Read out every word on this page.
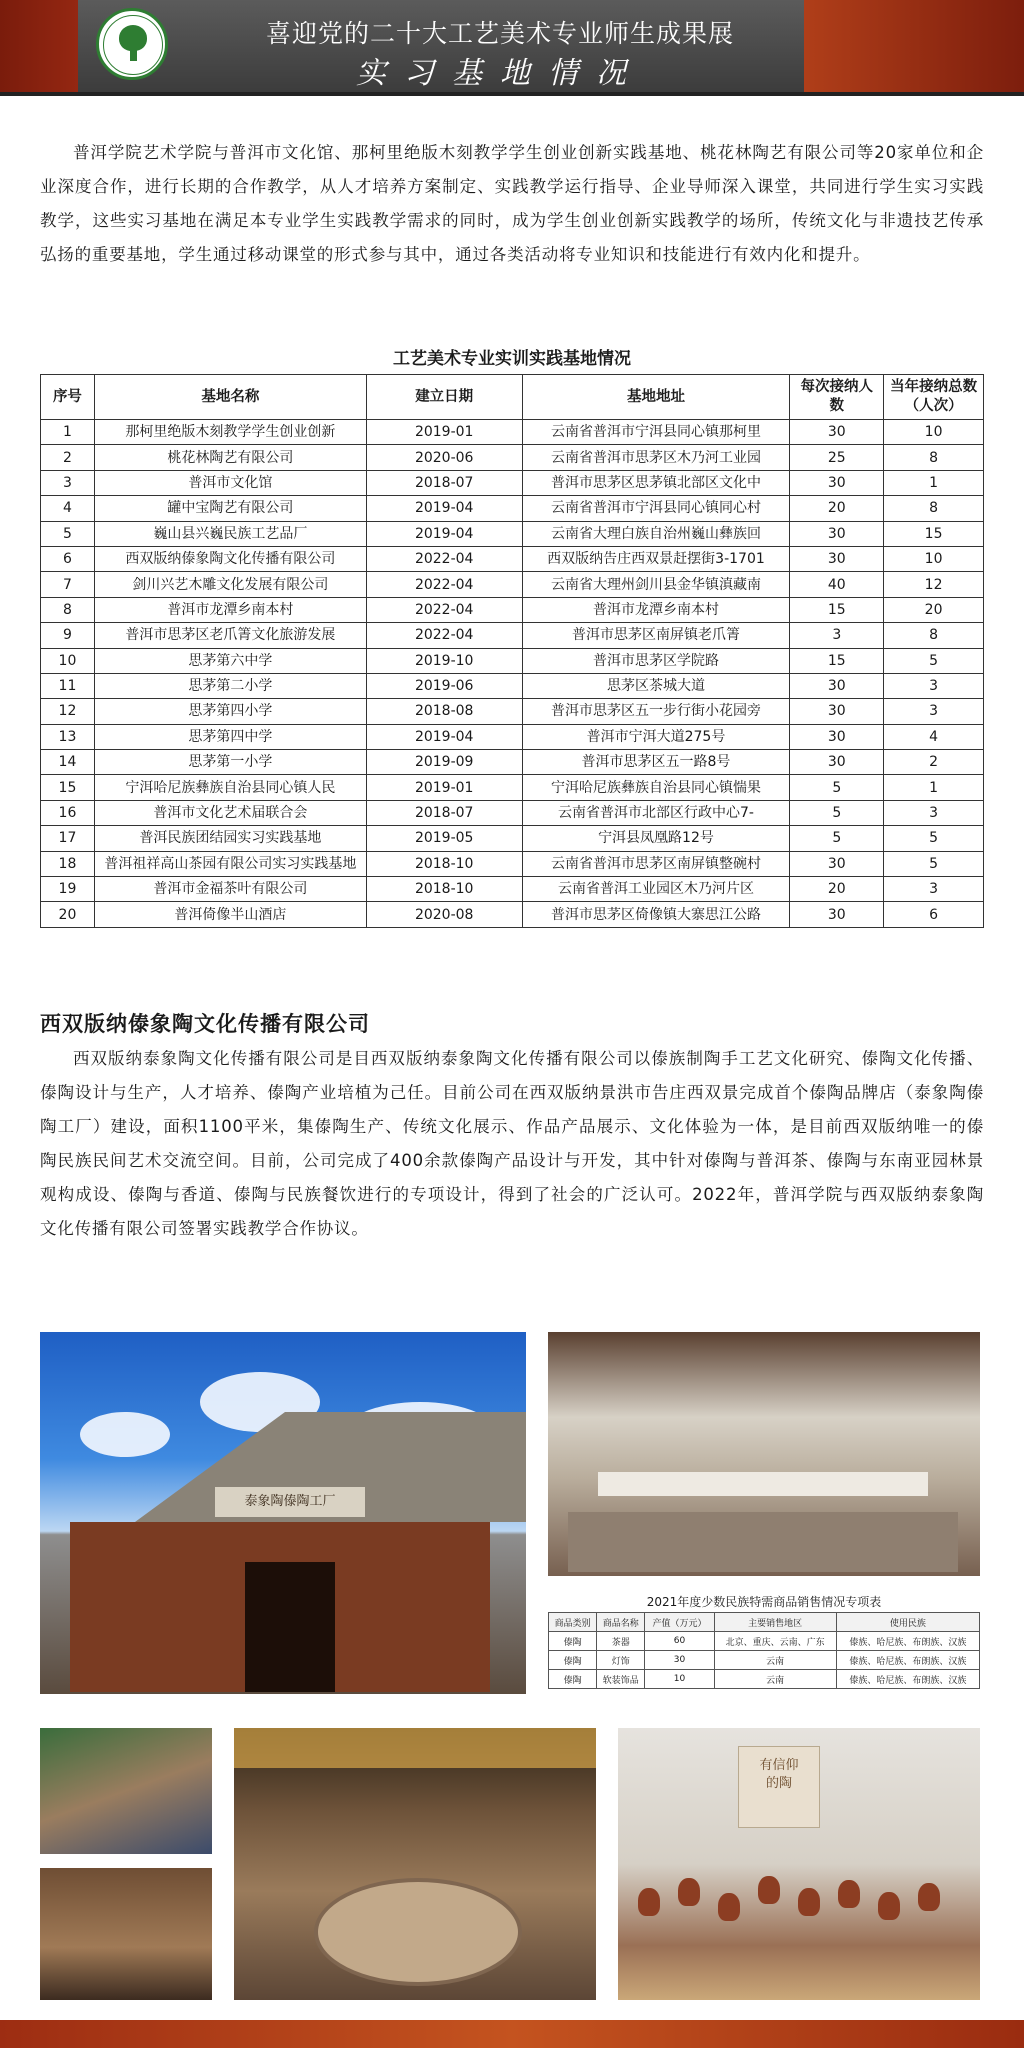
喜迎党的二十大工艺美术专业师生成果展
实习基地情况

普洱学院艺术学院与普洱市文化馆、那柯里绝版木刻教学学生创业创新实践基地、桃花林陶艺有限公司等20家单位和企业深度合作，进行长期的合作教学，从人才培养方案制定、实践教学运行指导、企业导师深入课堂，共同进行学生实习实践教学，这些实习基地在满足本专业学生实践教学需求的同时，成为学生创业创新实践教学的场所，传统文化与非遗技艺传承弘扬的重要基地，学生通过移动课堂的形式参与其中，通过各类活动将专业知识和技能进行有效内化和提升。

工艺美术专业实训实践基地情况
序号	基地名称	建立日期	基地地址	每次接纳人数	当年接纳总数（人次）
1	那柯里绝版木刻教学学生创业创新	2019-01	云南省普洱市宁洱县同心镇那柯里	30	10
2	桃花林陶艺有限公司	2020-06	云南省普洱市思茅区木乃河工业园	25	8
3	普洱市文化馆	2018-07	普洱市思茅区思茅镇北部区文化中	30	1
4	罐中宝陶艺有限公司	2019-04	云南省普洱市宁洱县同心镇同心村	20	8
5	巍山县兴巍民族工艺品厂	2019-04	云南省大理白族自治州巍山彝族回	30	15
6	西双版纳傣象陶文化传播有限公司	2022-04	西双版纳告庄西双景赶摆街3-1701	30	10
7	剑川兴艺木雕文化发展有限公司	2022-04	云南省大理州剑川县金华镇滇藏南	40	12
8	普洱市龙潭乡南本村	2022-04	普洱市龙潭乡南本村	15	20
9	普洱市思茅区老爪箐文化旅游发展	2022-04	普洱市思茅区南屏镇老爪箐	3	8
10	思茅第六中学	2019-10	普洱市思茅区学院路	15	5
11	思茅第二小学	2019-06	思茅区茶城大道	30	3
12	思茅第四小学	2018-08	普洱市思茅区五一步行街小花园旁	30	3
13	思茅第四中学	2019-04	普洱市宁洱大道275号	30	4
14	思茅第一小学	2019-09	普洱市思茅区五一路8号	30	2
15	宁洱哈尼族彝族自治县同心镇人民	2019-01	宁洱哈尼族彝族自治县同心镇惴果	5	1
16	普洱市文化艺术届联合会	2018-07	云南省普洱市北部区行政中心7-	5	3
17	普洱民族团结园实习实践基地	2019-05	宁洱县凤凰路12号	5	5
18	普洱祖祥高山茶园有限公司实习实践基地	2018-10	云南省普洱市思茅区南屏镇整碗村	30	5
19	普洱市金福茶叶有限公司	2018-10	云南省普洱工业园区木乃河片区	20	3
20	普洱倚像半山酒店	2020-08	普洱市思茅区倚像镇大寨思江公路	30	6
西双版纳傣象陶文化传播有限公司

西双版纳泰象陶文化传播有限公司是目西双版纳泰象陶文化传播有限公司以傣族制陶手工艺文化研究、傣陶文化传播、傣陶设计与生产，人才培养、傣陶产业培植为己任。目前公司在西双版纳景洪市告庄西双景完成首个傣陶品牌店（泰象陶傣陶工厂）建设，面积1100平米，集傣陶生产、传统文化展示、作品产品展示、文化体验为一体，是目前西双版纳唯一的傣陶民族民间艺术交流空间。目前，公司完成了400余款傣陶产品设计与开发，其中针对傣陶与普洱茶、傣陶与东南亚园林景观构成设、傣陶与香道、傣陶与民族餐饮进行的专项设计，得到了社会的广泛认可。2022年，普洱学院与西双版纳泰象陶文化传播有限公司签署实践教学合作协议。

泰象陶傣陶工厂
2021年度少数民族特需商品销售情况专项表
商品类别	商品名称	产值（万元）	主要销售地区	使用民族
傣陶	茶器	60	北京、重庆、云南、广东	傣族、哈尼族、布朗族、汉族
傣陶	灯饰	30	云南	傣族、哈尼族、布朗族、汉族
傣陶	软装饰品	10	云南	傣族、哈尼族、布朗族、汉族
有信仰的陶
